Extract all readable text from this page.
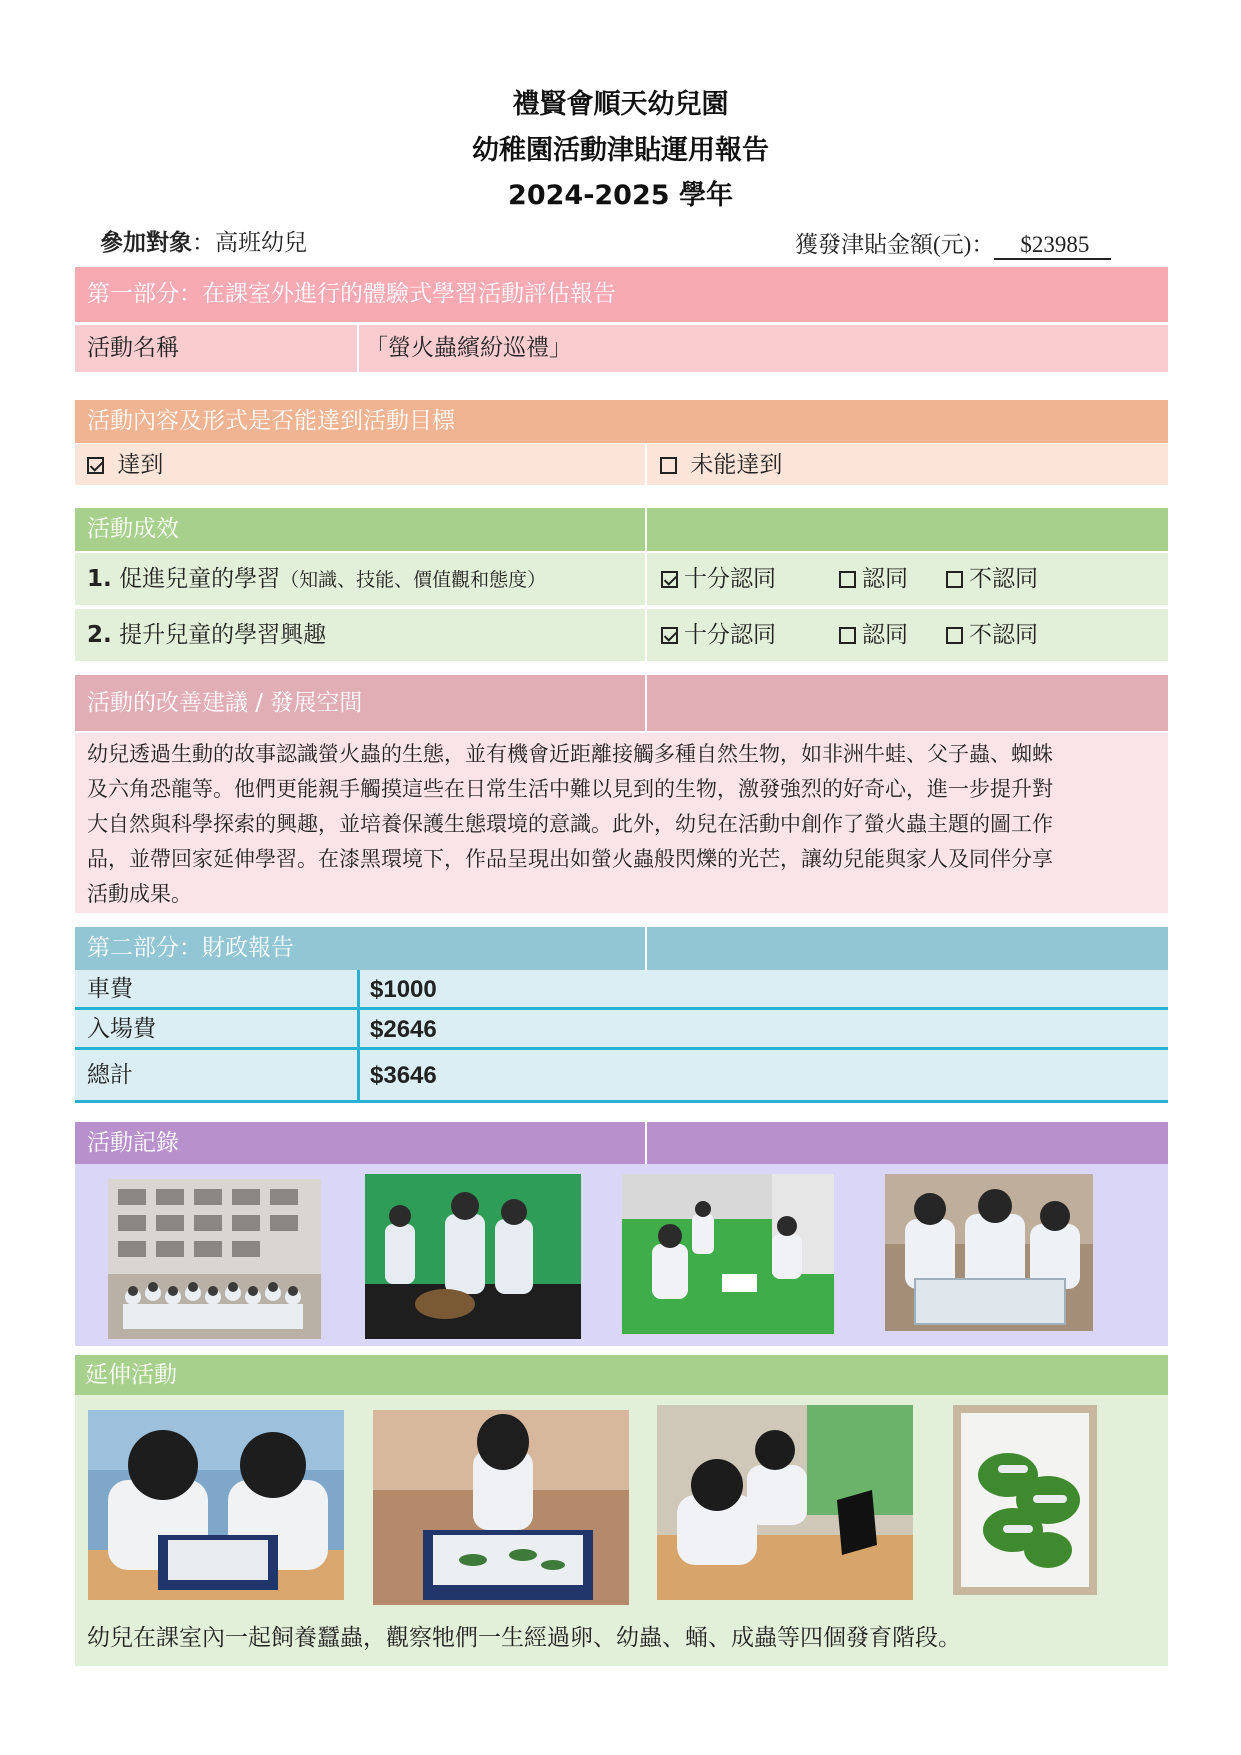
禮賢會順天幼兒園
幼稚園活動津貼運用報告
2024-2025 學年
參加對象：高班幼兒	獲發津貼金額(元)： $23985
第一部分：在課室外進行的體驗式學習活動評估報告
活動名稱	「螢火蟲繽紛巡禮」
活動內容及形式是否能達到活動目標
達到	未能達到
活動成效
1. 促進兒童的學習（知識、技能、價值觀和態度）	十分認同	認同	不認同
2. 提升兒童的學習興趣	十分認同	認同	不認同
活動的改善建議 / 發展空間
幼兒透過生動的故事認識螢火蟲的生態，並有機會近距離接觸多種自然生物，如非洲牛蛙、父子蟲、蜘蛛
及六角恐龍等。他們更能親手觸摸這些在日常生活中難以見到的生物，激發強烈的好奇心，進一步提升對
大自然與科學探索的興趣，並培養保護生態環境的意識。此外，幼兒在活動中創作了螢火蟲主題的圖工作
品，並帶回家延伸學習。在漆黑環境下，作品呈現出如螢火蟲般閃爍的光芒，讓幼兒能與家人及同伴分享
活動成果。
第二部分：財政報告
車費	$1000
入場費	$2646
總計	$3646
活動記錄
延伸活動
幼兒在課室內一起飼養蠶蟲，觀察牠們一生經過卵、幼蟲、蛹、成蟲等四個發育階段。
